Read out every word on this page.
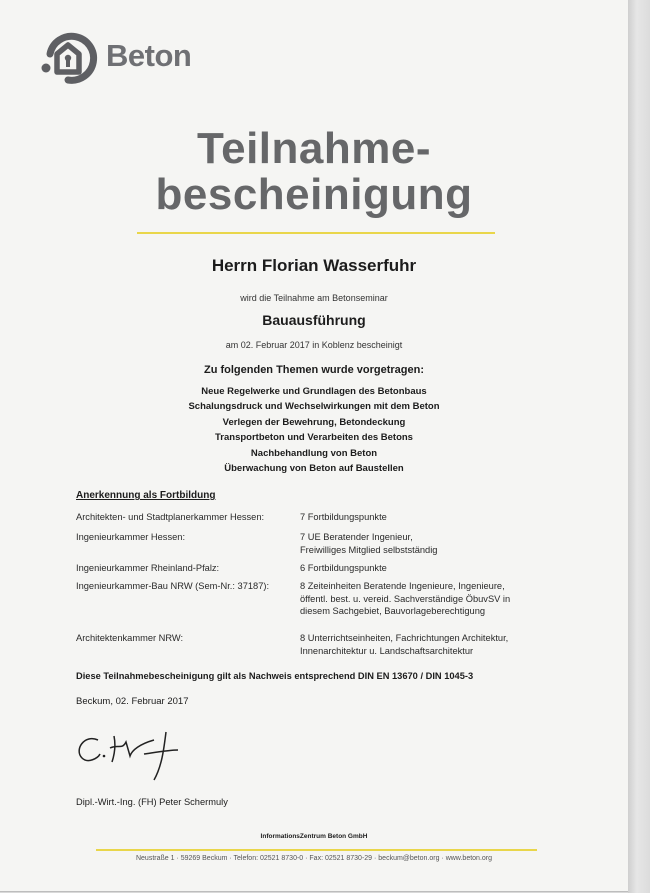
Beton
Teilnahme-
bescheinigung
Herrn Florian Wasserfuhr
wird die Teilnahme am Betonseminar
Bauausführung
am 02. Februar 2017 in Koblenz bescheinigt
Zu folgenden Themen wurde vorgetragen:
Neue Regelwerke und Grundlagen des Betonbaus
Schalungsdruck und Wechselwirkungen mit dem Beton
Verlegen der Bewehrung, Betondeckung
Transportbeton und Verarbeiten des Betons
Nachbehandlung von Beton
Überwachung von Beton auf Baustellen
Anerkennung als Fortbildung
Architekten- und Stadtplanerkammer Hessen:	7 Fortbildungspunkte
Ingenieurkammer Hessen:	7 UE Beratender Ingenieur,
Freiwilliges Mitglied selbstständig
Ingenieurkammer Rheinland-Pfalz:	6 Fortbildungspunkte
Ingenieurkammer-Bau NRW (Sem-Nr.: 37187):	8 Zeiteinheiten Beratende Ingenieure, Ingenieure,
öffentl. best. u. vereid. Sachverständige ÖbuvSV in
diesem Sachgebiet, Bauvorlageberechtigung
Architektenkammer NRW:	8 Unterrichtseinheiten, Fachrichtungen Architektur,
Innenarchitektur u. Landschaftsarchitektur
Diese Teilnahmebescheinigung gilt als Nachweis entsprechend DIN EN 13670 / DIN 1045-3
Beckum, 02. Februar 2017
Dipl.-Wirt.-Ing. (FH) Peter Schermuly
InformationsZentrum Beton GmbH
Neustraße 1 · 59269 Beckum · Telefon: 02521 8730-0 · Fax: 02521 8730-29 · beckum@beton.org · www.beton.org
